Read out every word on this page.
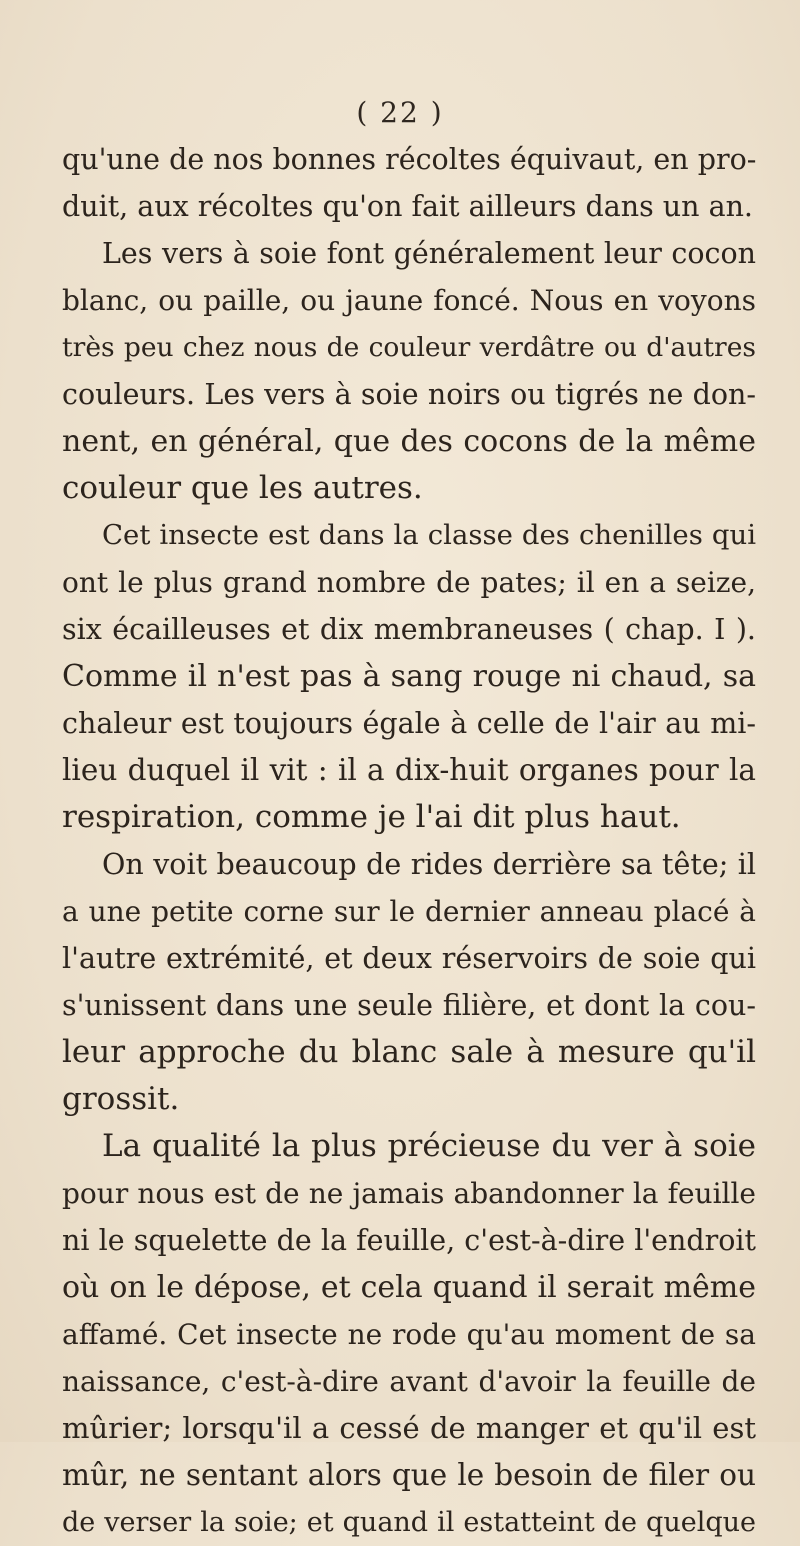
( 22 )
qu'une de nos bonnes récoltes équivaut, en pro-
duit, aux récoltes qu'on fait ailleurs dans un an.
Les vers à soie font généralement leur cocon
blanc, ou paille, ou jaune foncé. Nous en voyons
très peu chez nous de couleur verdâtre ou d'autres
couleurs. Les vers à soie noirs ou tigrés ne don-
nent, en général, que des cocons de la même
couleur que les autres.
Cet insecte est dans la classe des chenilles qui
ont le plus grand nombre de pates; il en a seize,
six écailleuses et dix membraneuses ( chap. I ).
Comme il n'est pas à sang rouge ni chaud, sa
chaleur est toujours égale à celle de l'air au mi-
lieu duquel il vit : il a dix-huit organes pour la
respiration, comme je l'ai dit plus haut.
On voit beaucoup de rides derrière sa tête; il
a une petite corne sur le dernier anneau placé à
l'autre extrémité, et deux réservoirs de soie qui
s'unissent dans une seule filière, et dont la cou-
leur approche du blanc sale à mesure qu'il
grossit.
La qualité la plus précieuse du ver à soie
pour nous est de ne jamais abandonner la feuille
ni le squelette de la feuille, c'est-à-dire l'endroit
où on le dépose, et cela quand il serait même
affamé. Cet insecte ne rode qu'au moment de sa
naissance, c'est-à-dire avant d'avoir la feuille de
mûrier; lorsqu'il a cessé de manger et qu'il est
mûr, ne sentant alors que le besoin de filer ou
de verser la soie; et quand il estatteint de quelque
